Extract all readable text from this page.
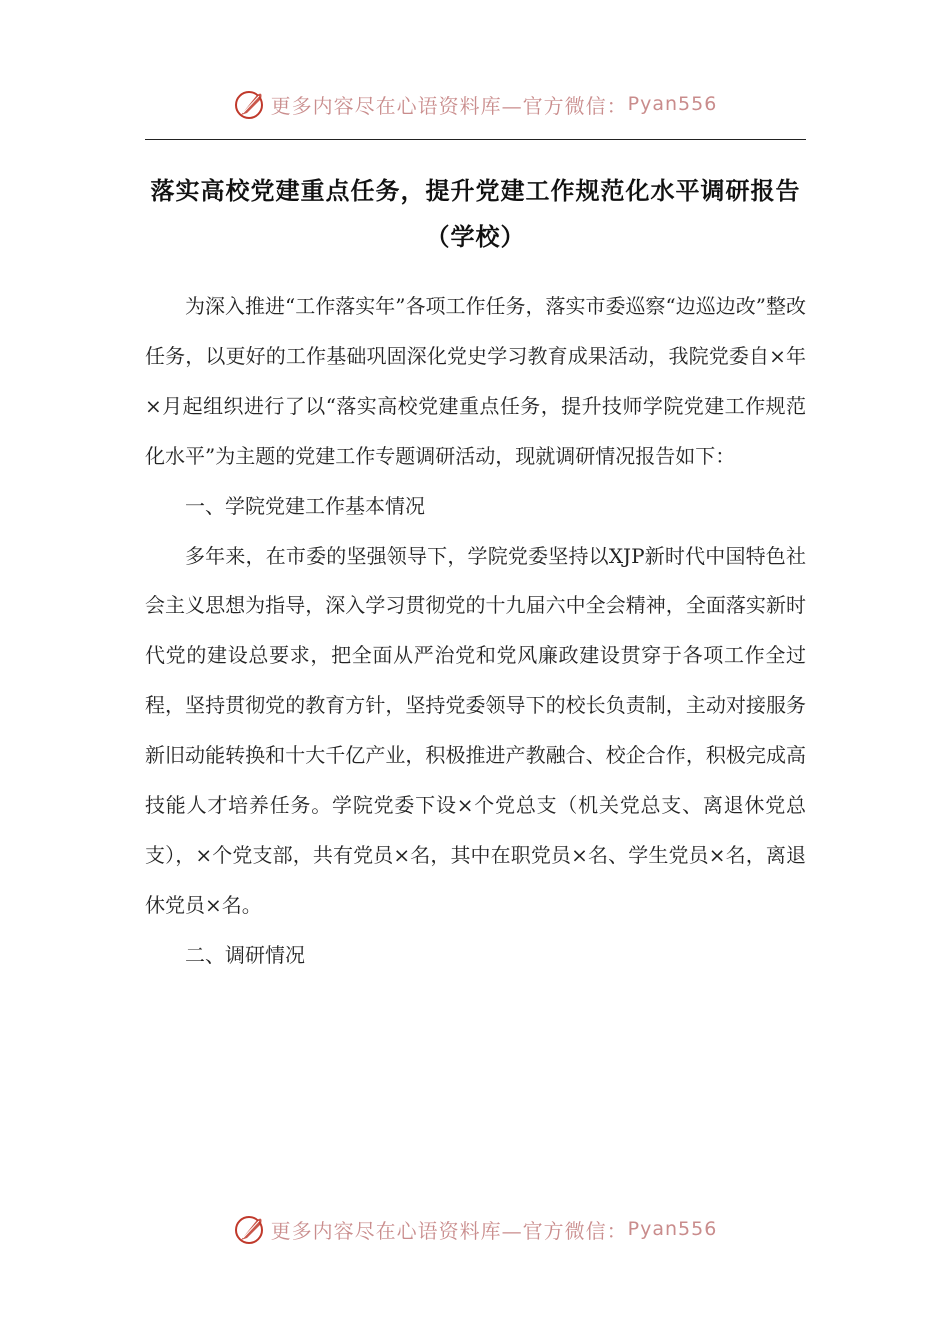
更多内容尽在心语资料库—官方微信： Pyan556
落实高校党建重点任务，提升党建工作规范化水平调研报告（学校）

为深入推进“工作落实年”各项工作任务，落实市委巡察“边巡边改”整改任务，以更好的工作基础巩固深化党史学习教育成果活动，我院党委自×年×月起组织进行了以“落实高校党建重点任务，提升技师学院党建工作规范化水平”为主题的党建工作专题调研活动，现就调研情况报告如下：

一、学院党建工作基本情况

多年来，在市委的坚强领导下，学院党委坚持以XJP新时代中国特色社会主义思想为指导，深入学习贯彻党的十九届六中全会精神，全面落实新时代党的建设总要求，把全面从严治党和党风廉政建设贯穿于各项工作全过程，坚持贯彻党的教育方针，坚持党委领导下的校长负责制，主动对接服务新旧动能转换和十大千亿产业，积极推进产教融合、校企合作，积极完成高技能人才培养任务。学院党委下设×个党总支（机关党总支、离退休党总支），×个党支部，共有党员×名，其中在职党员×名、学生党员×名，离退休党员×名。

二、调研情况

更多内容尽在心语资料库—官方微信： Pyan556
